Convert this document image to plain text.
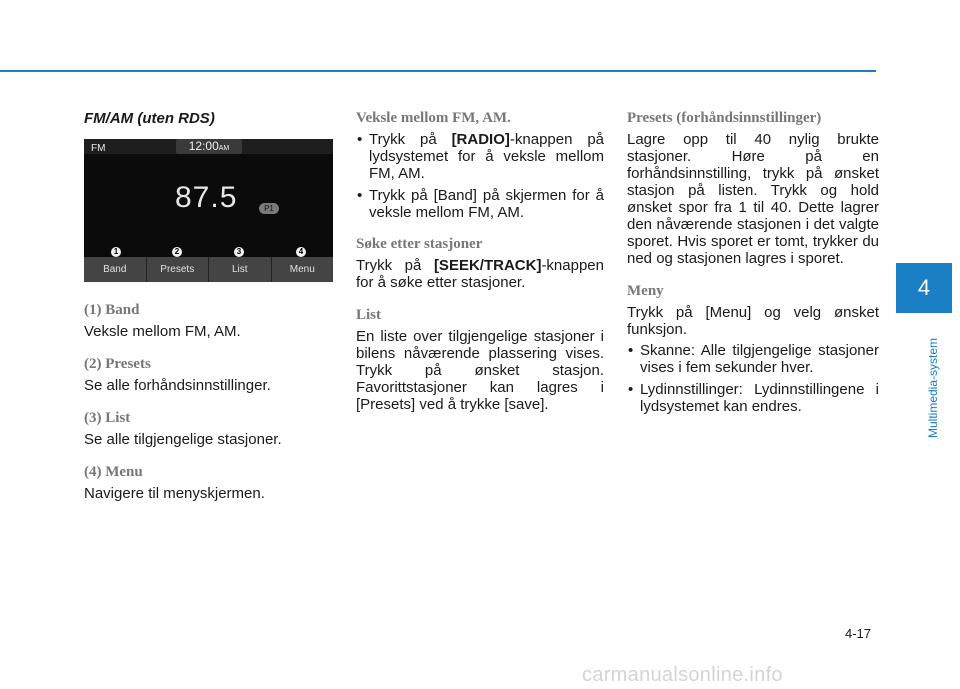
FM/AM (uten RDS)
FM	12:00AM
87.5	P1
1	2	3	4
Band	Presets	List	Menu
(1) Band

Veksle mellom FM, AM.

(2) Presets

Se alle forhåndsinnstillinger.

(3) List

Se alle tilgjengelige stasjoner.

(4) Menu

Navigere til menyskjermen.

Veksle mellom FM, AM.
• Trykk på [RADIO]-knappen på lydsystemet for å veksle mellom FM, AM.
• Trykk på [Band] på skjermen for å veksle mellom FM, AM.
Søke etter stasjoner

Trykk på [SEEK/TRACK]-knappen for å søke etter stasjoner.

List

En liste over tilgjengelige stasjoner i bilens nåværende plassering vises. Trykk på ønsket stasjon. Favorittstasjoner kan lagres i [Presets] ved å trykke [save].

Presets (forhåndsinnstillinger)

Lagre opp til 40 nylig brukte stasjoner. Høre på en forhåndsinnstilling, trykk på ønsket stasjon på listen. Trykk og hold ønsket spor fra 1 til 40. Dette lagrer den nåværende stasjonen i det valgte sporet. Hvis sporet er tomt, trykker du ned og stasjonen lagres i sporet.

Meny

Trykk på [Menu] og velg ønsket funksjon.

• Skanne: Alle tilgjengelige stasjoner vises i fem sekunder hver.
• Lydinnstillinger: Lydinnstillingene i lydsystemet kan endres.
4
Multimedia-system
4-17
carmanualsonline.info
